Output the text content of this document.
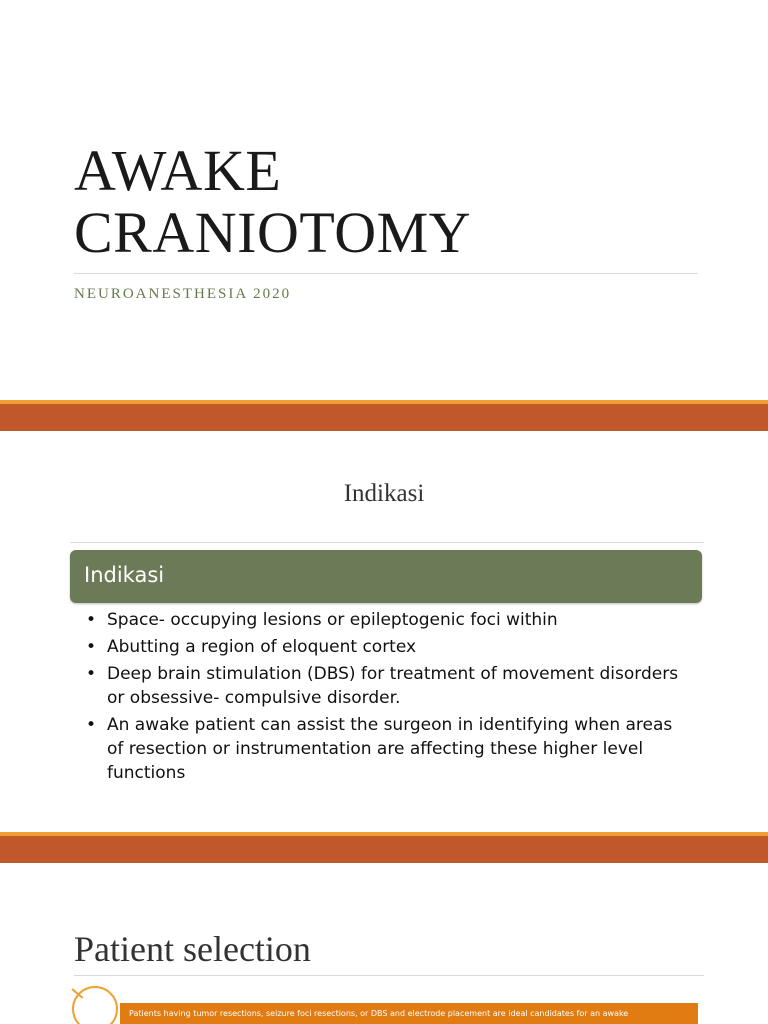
AWAKE
CRANIOTOMY
NEUROANESTHESIA 2020
Indikasi
Indikasi
• Space- occupying lesions or epileptogenic foci within
• Abutting a region of eloquent cortex
• Deep brain stimulation (DBS) for treatment of movement disorders or obsessive- compulsive disorder.
• An awake patient can assist the surgeon in identifying when areas of resection or instrumentation are affecting these higher level functions
Patient selection
Patients having tumor resections, seizure foci resections, or DBS and electrode placement are ideal candidates for an awake
